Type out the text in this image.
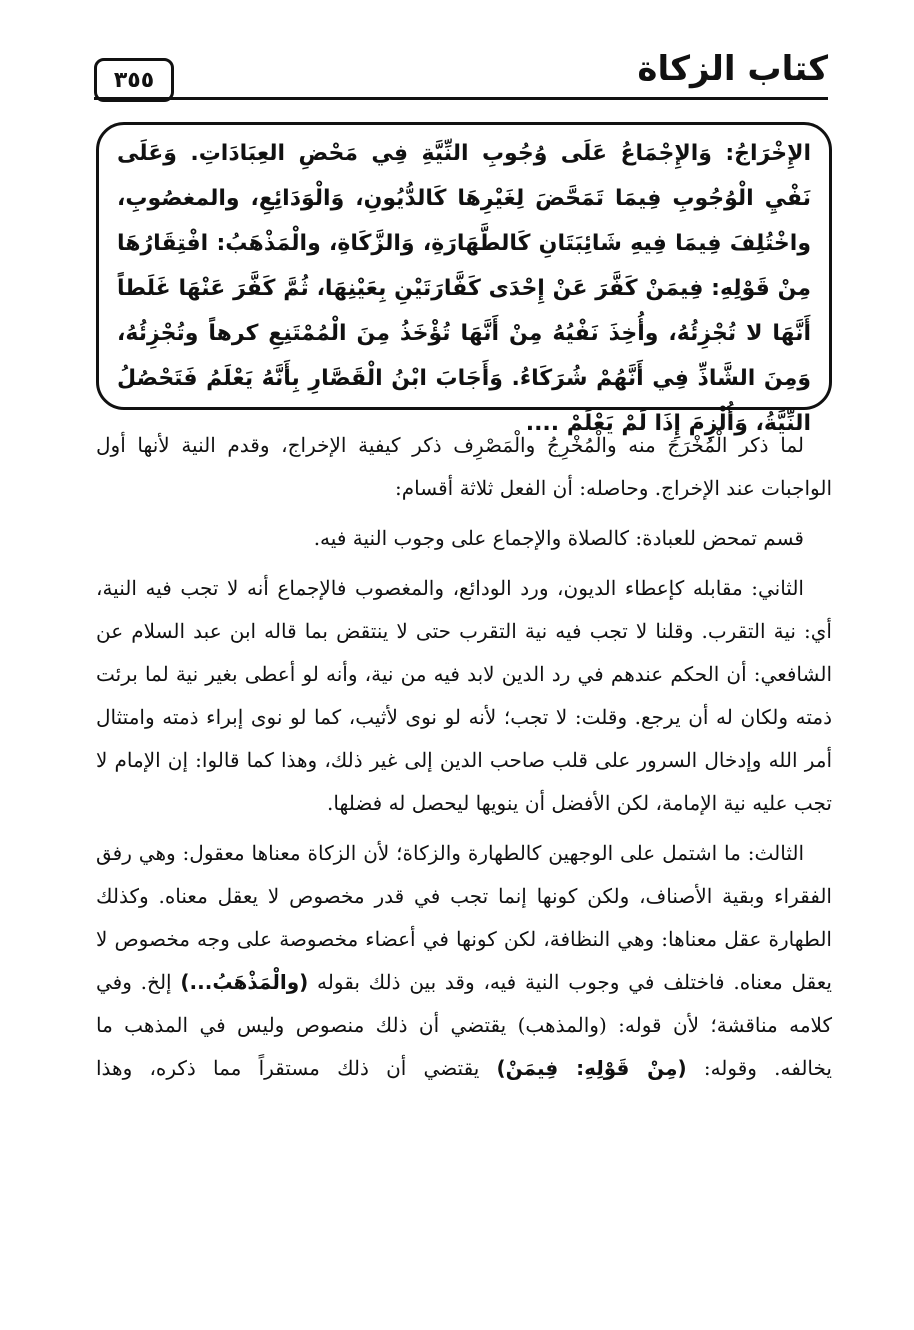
كتاب الزكاة
٣٥٥
الإِخْرَاجُ: وَالإِجْمَاعُ عَلَى وُجُوبِ النِّيَّةِ فِي مَحْضِ العِبَادَاتِ. وَعَلَى نَفْيِ الْوُجُوبِ فِيمَا تَمَحَّضَ لِغَيْرِهَا كَالدُّيُونِ، وَالْوَدَائِعِ، والمغصُوبِ، واخْتُلِفَ فِيمَا فِيهِ شَائِبَتَانِ كَالطَّهَارَةِ، وَالزَّكَاةِ، والْمَذْهَبُ: افْتِقَارُهَا مِنْ قَوْلِهِ: فِيمَنْ كَفَّرَ عَنْ إِحْدَى كَفَّارَتَيْنِ بِعَيْنِهَا، ثُمَّ كَفَّرَ عَنْهَا غَلَطاً أَنَّهَا لا تُجْزِئُهُ، وأُخِذَ نَفْيُهُ مِنْ أَنَّهَا تُؤْخَذُ مِنَ الْمُمْتَنِعِ كرهاً وتُجْزِئُهُ، وَمِنَ الشَّاذِّ فِي أَنَّهُمْ شُرَكَاءُ. وَأَجَابَ ابْنُ الْقَصَّارِ بِأَنَّهُ يَعْلَمُ فَتَحْصُلُ النِّيَّةُ، وَأُلْزِمَ إِذَا لَمْ يَعْلَمْ ....

لما ذكر الْمُخْرَجَ منه والْمُخْرِجُ والْمَصْرِف ذكر كيفية الإخراج، وقدم النية لأنها أول الواجبات عند الإخراج. وحاصله: أن الفعل ثلاثة أقسام:

قسم تمحض للعبادة: كالصلاة والإجماع على وجوب النية فيه.

الثاني: مقابله كإعطاء الديون، ورد الودائع، والمغصوب فالإجماع أنه لا تجب فيه النية، أي: نية التقرب. وقلنا لا تجب فيه نية التقرب حتى لا ينتقض بما قاله ابن عبد السلام عن الشافعي: أن الحكم عندهم في رد الدين لابد فيه من نية، وأنه لو أعطى بغير نية لما برئت ذمته ولكان له أن يرجع. وقلت: لا تجب؛ لأنه لو نوى لأثيب، كما لو نوى إبراء ذمته وامتثال أمر الله وإدخال السرور على قلب صاحب الدين إلى غير ذلك، وهذا كما قالوا: إن الإمام لا تجب عليه نية الإمامة، لكن الأفضل أن ينويها ليحصل له فضلها.

الثالث: ما اشتمل على الوجهين كالطهارة والزكاة؛ لأن الزكاة معناها معقول: وهي رفق الفقراء وبقية الأصناف، ولكن كونها إنما تجب في قدر مخصوص لا يعقل معناه. وكذلك الطهارة عقل معناها: وهي النظافة، لكن كونها في أعضاء مخصوصة على وجه مخصوص لا يعقل معناه. فاختلف في وجوب النية فيه، وقد بين ذلك بقوله (والْمَذْهَبُ...) إلخ. وفي كلامه مناقشة؛ لأن قوله: (والمذهب) يقتضي أن ذلك منصوص وليس في المذهب ما يخالفه. وقوله: (مِنْ قَوْلِهِ: فِيمَنْ) يقتضي أن ذلك مستقراً مما ذكره، وهذا
